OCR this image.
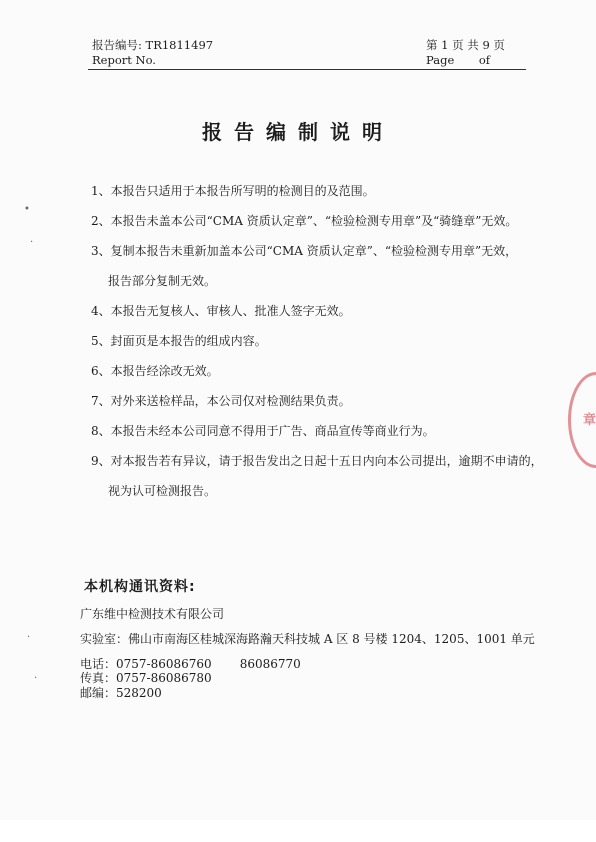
报告编号: TR1811497
Report No.
第 1 页 共 9 页
Page of
报告编制说明
1、本报告只适用于本报告所写明的检测目的及范围。
2、本报告未盖本公司“CMA 资质认定章”、“检验检测专用章”及“骑缝章”无效。
3、复制本报告未重新加盖本公司“CMA 资质认定章”、“检验检测专用章”无效，
报告部分复制无效。
4、本报告无复核人、审核人、批准人签字无效。
5、封面页是本报告的组成内容。
6、本报告经涂改无效。
7、对外来送检样品，本公司仅对检测结果负责。
8、本报告未经本公司同意不得用于广告、商品宣传等商业行为。
9、对本报告若有异议，请于报告发出之日起十五日内向本公司提出，逾期不申请的，
视为认可检测报告。
本机构通讯资料:
广东维中检测技术有限公司
实验室：佛山市南海区桂城深海路瀚天科技城 A 区 8 号楼 1204、1205、1001 单元
电话：0757-86086760 86086770
传真：0757-86086780
邮编：528200
章
•
·
·
·
